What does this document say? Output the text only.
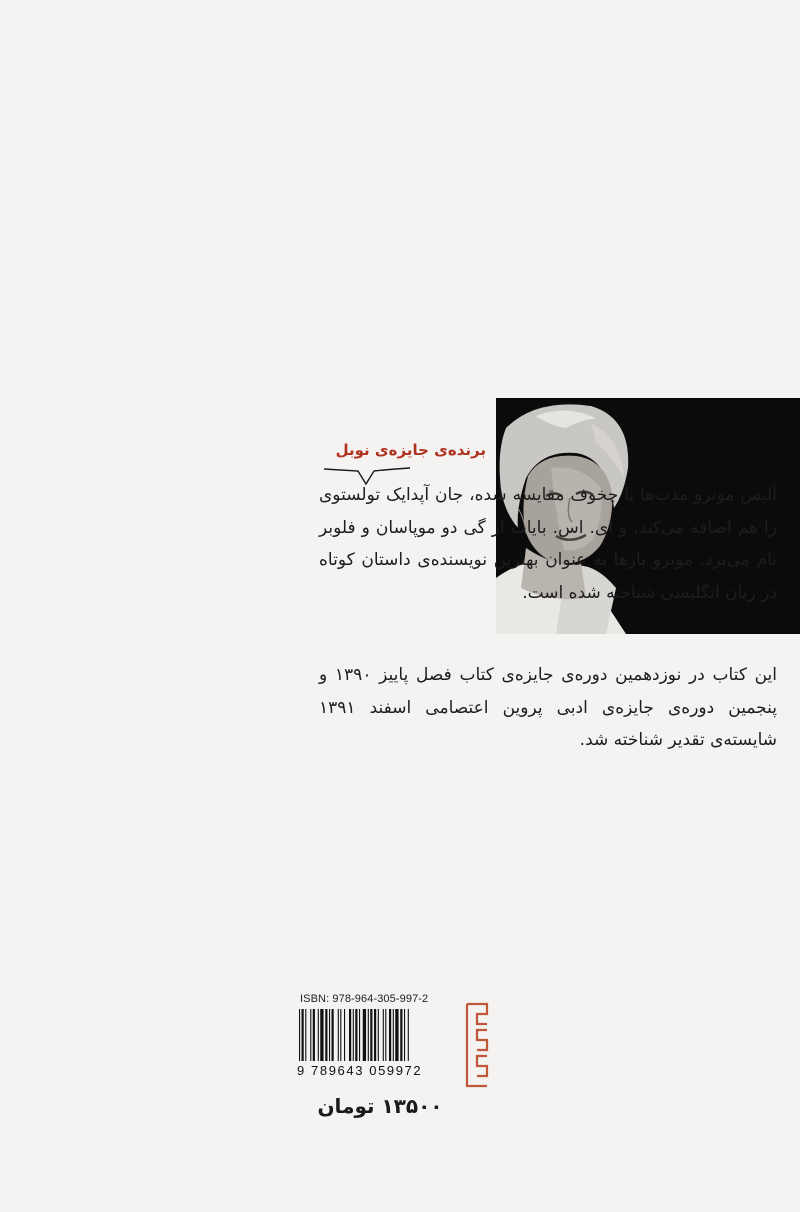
برنده‌ی جایزه‌ی نوبل
آلیس مونرو مدت‌ها با چخوف مقایسه شده، جان آپدایک تولستوی را هم اضافه می‌کند، و ای. اس. بایات از گی دو موپاسان و فلوبر نام می‌برد. مونرو بارها به عنوان بهترین نویسنده‌ی داستان کوتاه در زبان انگلیسی شناخته شده است.
این کتاب در نوزدهمین دوره‌ی جایزه‌ی کتاب فصل پاییز ۱۳۹۰ و پنجمین دوره‌ی جایزه‌ی ادبی پروین اعتصامی اسفند ۱۳۹۱ شایسته‌ی تقدیر شناخته شد.
ISBN: 978-964-305-997-2
9 789643 059972
۱۳۵۰۰ تومان
